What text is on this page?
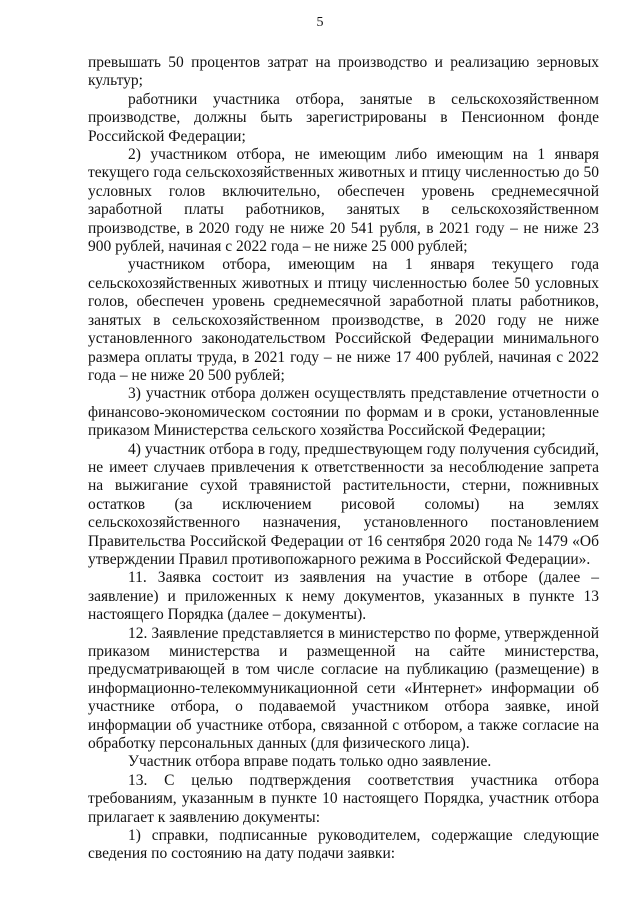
5

превышать 50 процентов затрат на производство и реализацию зерновых культур;

работники участника отбора, занятые в сельскохозяйственном производстве, должны быть зарегистрированы в Пенсионном фонде Российской Федерации;

2) участником отбора, не имеющим либо имеющим на 1 января текущего года сельскохозяйственных животных и птицу численностью до 50 условных голов включительно, обеспечен уровень среднемесячной заработной платы работников, занятых в сельскохозяйственном производстве, в 2020 году не ниже 20 541 рубля, в 2021 году – не ниже 23 900 рублей, начиная с 2022 года – не ниже 25 000 рублей;

участником отбора, имеющим на 1 января текущего года сельскохозяйственных животных и птицу численностью более 50 условных голов, обеспечен уровень среднемесячной заработной платы работников, занятых в сельскохозяйственном производстве, в 2020 году не ниже установленного законодательством Российской Федерации минимального размера оплаты труда, в 2021 году – не ниже 17 400 рублей, начиная с 2022 года – не ниже 20 500 рублей;

3) участник отбора должен осуществлять представление отчетности о финансово-экономическом состоянии по формам и в сроки, установленные приказом Министерства сельского хозяйства Российской Федерации;

4) участник отбора в году, предшествующем году получения субсидий, не имеет случаев привлечения к ответственности за несоблюдение запрета на выжигание сухой травянистой растительности, стерни, пожнивных остатков (за исключением рисовой соломы) на землях сельскохозяйственного назначения, установленного постановлением Правительства Российской Федерации от 16 сентября 2020 года № 1479 «Об утверждении Правил противопожарного режима в Российской Федерации».

11. Заявка состоит из заявления на участие в отборе (далее – заявление) и приложенных к нему документов, указанных в пункте 13 настоящего Порядка (далее – документы).

12. Заявление представляется в министерство по форме, утвержденной приказом министерства и размещенной на сайте министерства, предусматривающей в том числе согласие на публикацию (размещение) в информационно-телекоммуникационной сети «Интернет» информации об участнике отбора, о подаваемой участником отбора заявке, иной информации об участнике отбора, связанной с отбором, а также согласие на обработку персональных данных (для физического лица).

Участник отбора вправе подать только одно заявление.

13. С целью подтверждения соответствия участника отбора требованиям, указанным в пункте 10 настоящего Порядка, участник отбора прилагает к заявлению документы:

1) справки, подписанные руководителем, содержащие следующие сведения по состоянию на дату подачи заявки:
